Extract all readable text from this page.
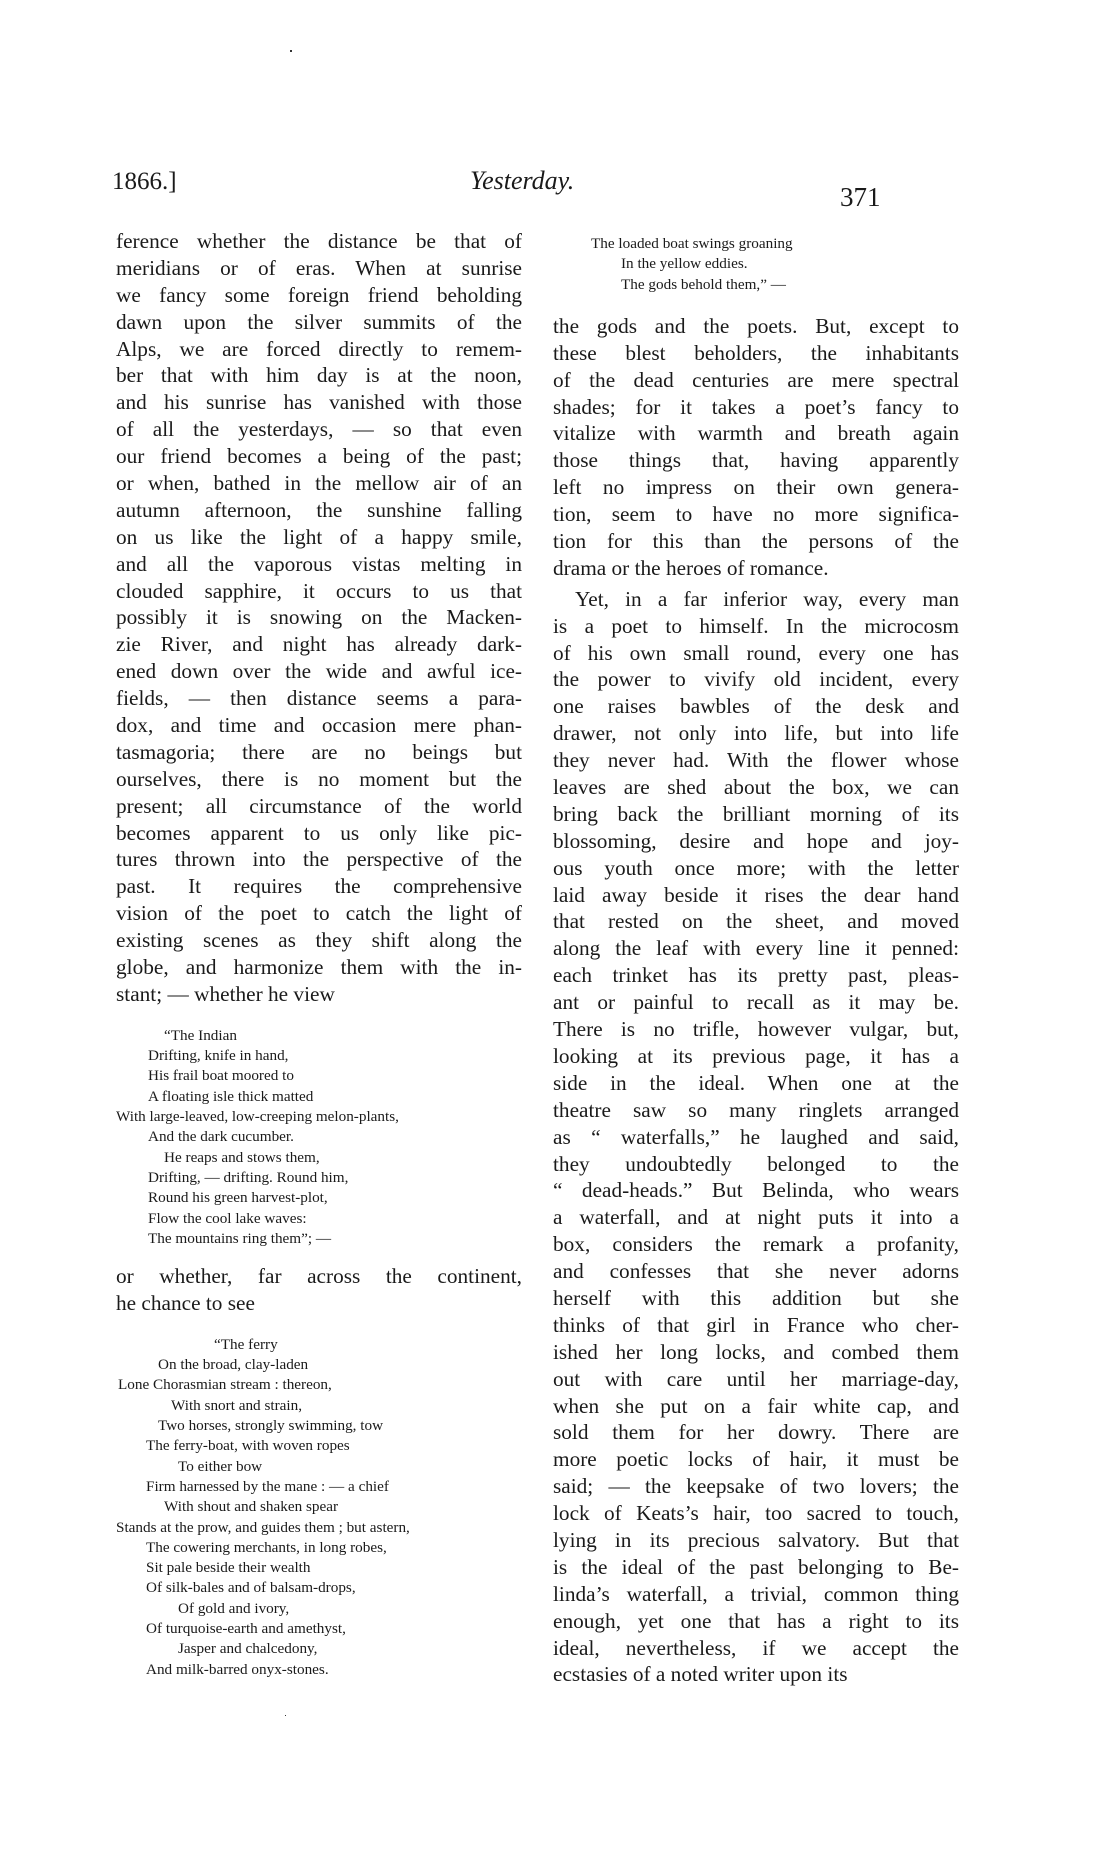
1866.]	Yesterday.
371
ference whether the distance be that of
meridians or of eras. When at sunrise
we fancy some foreign friend beholding
dawn upon the silver summits of the
Alps, we are forced directly to remem-
ber that with him day is at the noon,
and his sunrise has vanished with those
of all the yesterdays, — so that even
our friend becomes a being of the past;
or when, bathed in the mellow air of an
autumn afternoon, the sunshine falling
on us like the light of a happy smile,
and all the vaporous vistas melting in
clouded sapphire, it occurs to us that
possibly it is snowing on the Macken-
zie River, and night has already dark-
ened down over the wide and awful ice-
fields, — then distance seems a para-
dox, and time and occasion mere phan-
tasmagoria; there are no beings but
ourselves, there is no moment but the
present; all circumstance of the world
becomes apparent to us only like pic-
tures thrown into the perspective of the
past. It requires the comprehensive
vision of the poet to catch the light of
existing scenes as they shift along the
globe, and harmonize them with the in-
stant; — whether he view
“The Indian
Drifting, knife in hand,
His frail boat moored to
A floating isle thick matted
With large-leaved, low-creeping melon-plants,
And the dark cucumber.
He reaps and stows them,
Drifting, — drifting. Round him,
Round his green harvest-plot,
Flow the cool lake waves:
The mountains ring them”; —
or whether, far across the continent,
he chance to see
“The ferry
On the broad, clay-laden
Lone Chorasmian stream : thereon,
With snort and strain,
Two horses, strongly swimming, tow
The ferry-boat, with woven ropes
To either bow
Firm harnessed by the mane : — a chief
With shout and shaken spear
Stands at the prow, and guides them ; but astern,
The cowering merchants, in long robes,
Sit pale beside their wealth
Of silk-bales and of balsam-drops,
Of gold and ivory,
Of turquoise-earth and amethyst,
Jasper and chalcedony,
And milk-barred onyx-stones.
The loaded boat swings groaning
In the yellow eddies.
The gods behold them,” —
the gods and the poets. But, except to
these blest beholders, the inhabitants
of the dead centuries are mere spectral
shades; for it takes a poet’s fancy to
vitalize with warmth and breath again
those things that, having apparently
left no impress on their own genera-
tion, seem to have no more significa-
tion for this than the persons of the
drama or the heroes of romance.
Yet, in a far inferior way, every man
is a poet to himself. In the microcosm
of his own small round, every one has
the power to vivify old incident, every
one raises bawbles of the desk and
drawer, not only into life, but into life
they never had. With the flower whose
leaves are shed about the box, we can
bring back the brilliant morning of its
blossoming, desire and hope and joy-
ous youth once more; with the letter
laid away beside it rises the dear hand
that rested on the sheet, and moved
along the leaf with every line it penned:
each trinket has its pretty past, pleas-
ant or painful to recall as it may be.
There is no trifle, however vulgar, but,
looking at its previous page, it has a
side in the ideal. When one at the
theatre saw so many ringlets arranged
as “ waterfalls,” he laughed and said,
they undoubtedly belonged to the
“ dead-heads.” But Belinda, who wears
a waterfall, and at night puts it into a
box, considers the remark a profanity,
and confesses that she never adorns
herself with this addition but she
thinks of that girl in France who cher-
ished her long locks, and combed them
out with care until her marriage-day,
when she put on a fair white cap, and
sold them for her dowry. There are
more poetic locks of hair, it must be
said; — the keepsake of two lovers; the
lock of Keats’s hair, too sacred to touch,
lying in its precious salvatory. But that
is the ideal of the past belonging to Be-
linda’s waterfall, a trivial, common thing
enough, yet one that has a right to its
ideal, nevertheless, if we accept the
ecstasies of a noted writer upon its
